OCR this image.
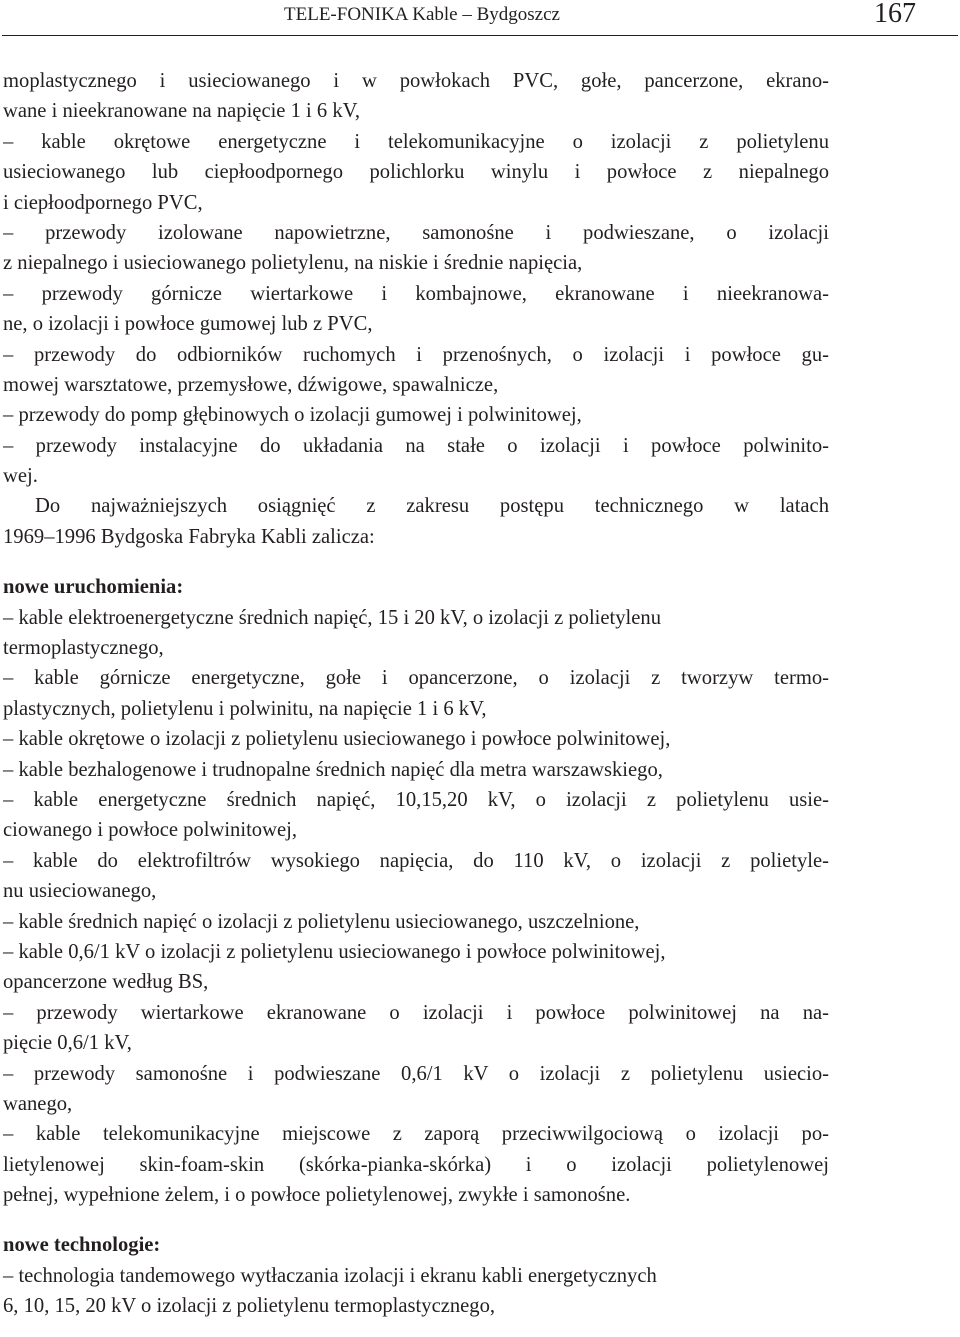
TELE-FONIKA Kable – Bydgoszcz	167
moplastycznego i usieciowanego i w powłokach PVC, gołe, pancerzone, ekrano-
wane i nieekranowane na napięcie 1 i 6 kV,
– kable okrętowe energetyczne i telekomunikacyjne o izolacji z polietylenu
usieciowanego lub ciepłoodpornego polichlorku winylu i powłoce z niepalnego
i ciepłoodpornego PVC,
– przewody izolowane napowietrzne, samonośne i podwieszane, o izolacji
z niepalnego i usieciowanego polietylenu, na niskie i średnie napięcia,
– przewody górnicze wiertarkowe i kombajnowe, ekranowane i nieekranowa-
ne, o izolacji i powłoce gumowej lub z PVC,
– przewody do odbiorników ruchomych i przenośnych, o izolacji i powłoce gu-
mowej warsztatowe, przemysłowe, dźwigowe, spawalnicze,
– przewody do pomp głębinowych o izolacji gumowej i polwinitowej,
– przewody instalacyjne do układania na stałe o izolacji i powłoce polwinito-
wej.
Do najważniejszych osiągnięć z zakresu postępu technicznego w latach
1969–1996 Bydgoska Fabryka Kabli zalicza:
nowe uruchomienia:
– kable elektroenergetyczne średnich napięć, 15 i 20 kV, o izolacji z polietylenu
termoplastycznego,
– kable górnicze energetyczne, gołe i opancerzone, o izolacji z tworzyw termo-
plastycznych, polietylenu i polwinitu, na napięcie 1 i 6 kV,
– kable okrętowe o izolacji z polietylenu usieciowanego i powłoce polwinitowej,
– kable bezhalogenowe i trudnopalne średnich napięć dla metra warszawskiego,
– kable energetyczne średnich napięć, 10,15,20 kV, o izolacji z polietylenu usie-
ciowanego i powłoce polwinitowej,
– kable do elektrofiltrów wysokiego napięcia, do 110 kV, o izolacji z polietyle-
nu usieciowanego,
– kable średnich napięć o izolacji z polietylenu usieciowanego, uszczelnione,
– kable 0,6/1 kV o izolacji z polietylenu usieciowanego i powłoce polwinitowej,
opancerzone według BS,
– przewody wiertarkowe ekranowane o izolacji i powłoce polwinitowej na na-
pięcie 0,6/1 kV,
– przewody samonośne i podwieszane 0,6/1 kV o izolacji z polietylenu usiecio-
wanego,
– kable telekomunikacyjne miejscowe z zaporą przeciwwilgociową o izolacji po-
lietylenowej skin-foam-skin (skórka-pianka-skórka) i o izolacji polietylenowej
pełnej, wypełnione żelem, i o powłoce polietylenowej, zwykłe i samonośne.
nowe technologie:
– technologia tandemowego wytłaczania izolacji i ekranu kabli energetycznych
6, 10, 15, 20 kV o izolacji z polietylenu termoplastycznego,
